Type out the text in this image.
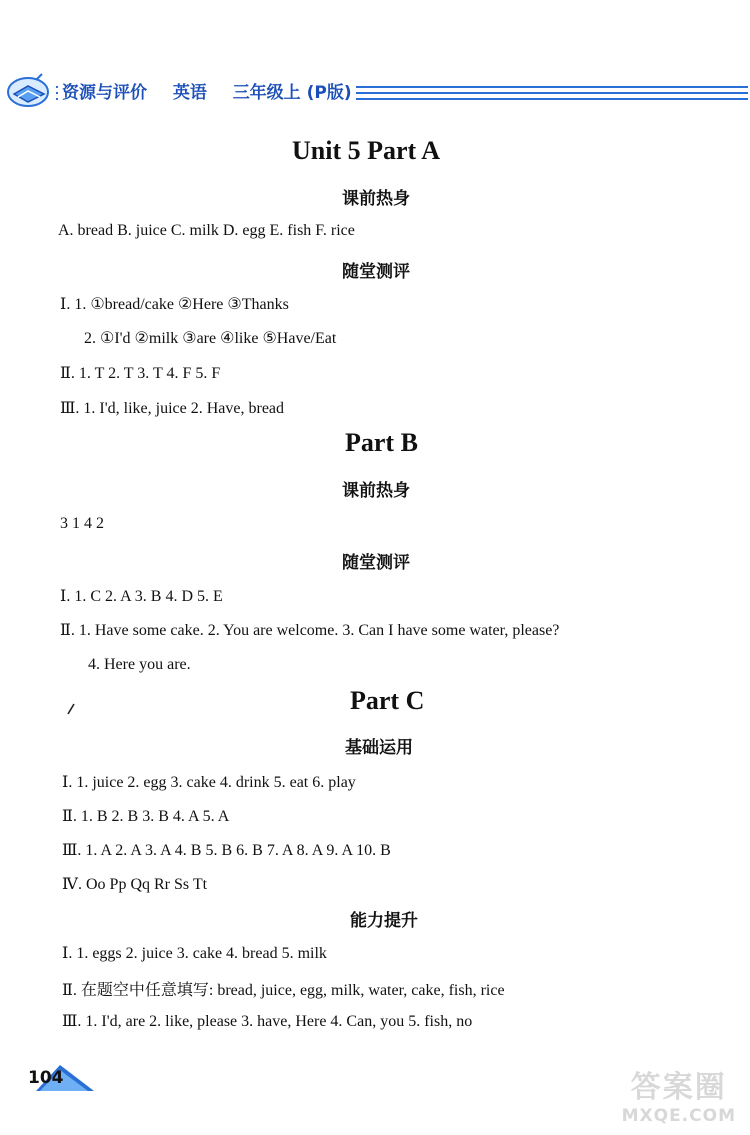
资源与评价 英语 三年级上 (P版)
Unit 5 Part A
课前热身
A. bread B. juice C. milk D. egg E. fish F. rice
随堂测评
Ⅰ. 1. ①bread/cake ②Here ③Thanks
2. ①I'd ②milk ③are ④like ⑤Have/Eat
Ⅱ. 1. T 2. T 3. T 4. F 5. F
Ⅲ. 1. I'd, like, juice 2. Have, bread
Part B
课前热身
3 1 4 2
随堂测评
Ⅰ. 1. C 2. A 3. B 4. D 5. E
Ⅱ. 1. Have some cake. 2. You are welcome. 3. Can I have some water, please?
4. Here you are.
Part C
基础运用
Ⅰ. 1. juice 2. egg 3. cake 4. drink 5. eat 6. play
Ⅱ. 1. B 2. B 3. B 4. A 5. A
Ⅲ. 1. A 2. A 3. A 4. B 5. B 6. B 7. A 8. A 9. A 10. B
Ⅳ. Oo Pp Qq Rr Ss Tt
能力提升
Ⅰ. 1. eggs 2. juice 3. cake 4. bread 5. milk
Ⅱ. 在题空中任意填写: bread, juice, egg, milk, water, cake, fish, rice
Ⅲ. 1. I'd, are 2. like, please 3. have, Here 4. Can, you 5. fish, no
104	答案圈
MXQE.COM
